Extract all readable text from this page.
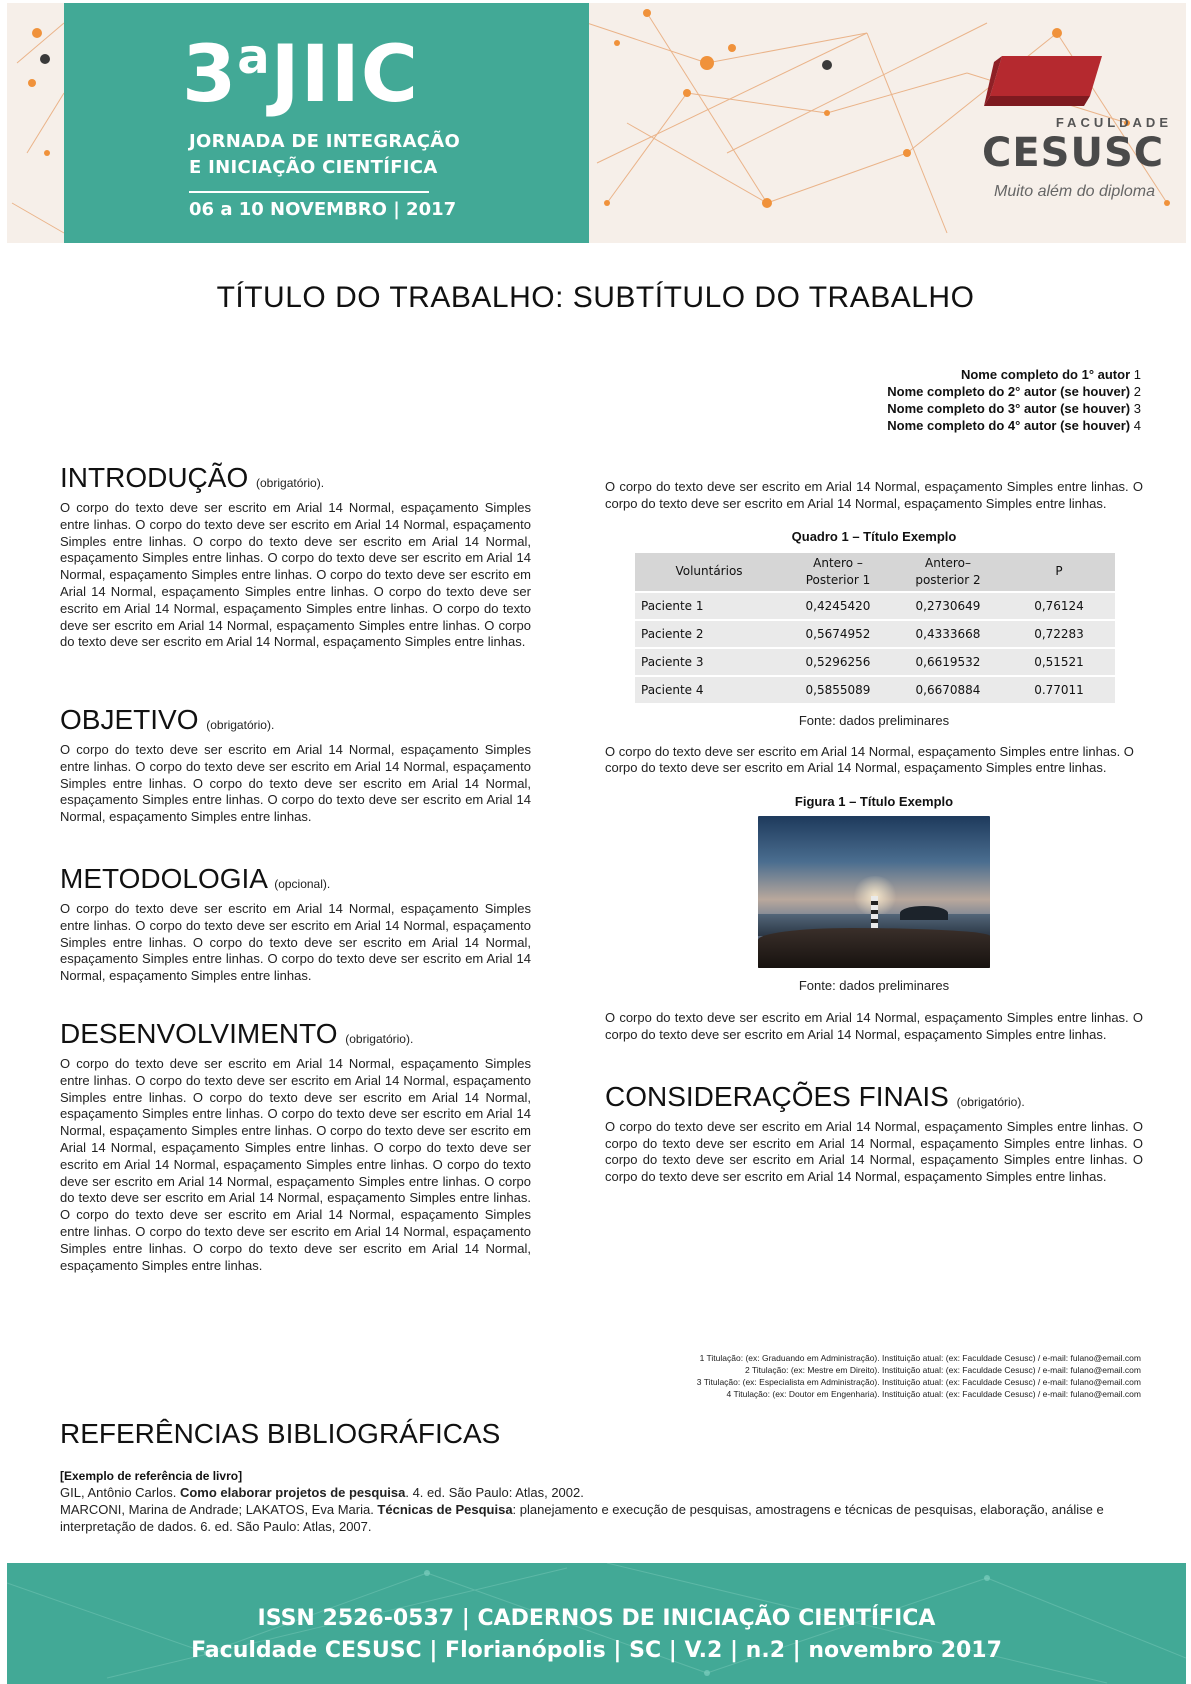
3$^a$JIIC
JORNADA DE INTEGRAÇÃO
E INICIAÇÃO CIENTÍFICA
06 a 10 NOVEMBRO | 2017
FACULDADE
CESUSC
Muito além do diploma
TÍTULO DO TRABALHO: SUBTÍTULO DO TRABALHO
Nome completo do 1° autor 1
Nome completo do 2° autor (se houver) 2
Nome completo do 3° autor (se houver) 3
Nome completo do 4° autor (se houver) 4
INTRODUÇÃO (obrigatório).
O corpo do texto deve ser escrito em Arial 14 Normal, espaçamento Simples entre linhas. O corpo do texto deve ser escrito em Arial 14 Normal, espaçamento Simples entre linhas. O corpo do texto deve ser escrito em Arial 14 Normal, espaçamento Simples entre linhas. O corpo do texto deve ser escrito em Arial 14 Normal, espaçamento Simples entre linhas. O corpo do texto deve ser escrito em Arial 14 Normal, espaçamento Simples entre linhas. O corpo do texto deve ser escrito em Arial 14 Normal, espaçamento Simples entre linhas. O corpo do texto deve ser escrito em Arial 14 Normal, espaçamento Simples entre linhas. O corpo do texto deve ser escrito em Arial 14 Normal, espaçamento Simples entre linhas.
OBJETIVO (obrigatório).
O corpo do texto deve ser escrito em Arial 14 Normal, espaçamento Simples entre linhas. O corpo do texto deve ser escrito em Arial 14 Normal, espaçamento Simples entre linhas. O corpo do texto deve ser escrito em Arial 14 Normal, espaçamento Simples entre linhas. O corpo do texto deve ser escrito em Arial 14 Normal, espaçamento Simples entre linhas.
METODOLOGIA (opcional).
O corpo do texto deve ser escrito em Arial 14 Normal, espaçamento Simples entre linhas. O corpo do texto deve ser escrito em Arial 14 Normal, espaçamento Simples entre linhas. O corpo do texto deve ser escrito em Arial 14 Normal, espaçamento Simples entre linhas. O corpo do texto deve ser escrito em Arial 14 Normal, espaçamento Simples entre linhas.
DESENVOLVIMENTO (obrigatório).
O corpo do texto deve ser escrito em Arial 14 Normal, espaçamento Simples entre linhas. O corpo do texto deve ser escrito em Arial 14 Normal, espaçamento Simples entre linhas. O corpo do texto deve ser escrito em Arial 14 Normal, espaçamento Simples entre linhas. O corpo do texto deve ser escrito em Arial 14 Normal, espaçamento Simples entre linhas. O corpo do texto deve ser escrito em Arial 14 Normal, espaçamento Simples entre linhas. O corpo do texto deve ser escrito em Arial 14 Normal, espaçamento Simples entre linhas. O corpo do texto deve ser escrito em Arial 14 Normal, espaçamento Simples entre linhas. O corpo do texto deve ser escrito em Arial 14 Normal, espaçamento Simples entre linhas. O corpo do texto deve ser escrito em Arial 14 Normal, espaçamento Simples entre linhas. O corpo do texto deve ser escrito em Arial 14 Normal, espaçamento Simples entre linhas. O corpo do texto deve ser escrito em Arial 14 Normal, espaçamento Simples entre linhas.
O corpo do texto deve ser escrito em Arial 14 Normal, espaçamento Simples entre linhas. O corpo do texto deve ser escrito em Arial 14 Normal, espaçamento Simples entre linhas.
Quadro 1 – Título Exemplo
Voluntários	Antero – Posterior 1	Antero– posterior 2	P
Paciente 1	0,4245420	0,2730649	0,76124
Paciente 2	0,5674952	0,4333668	0,72283
Paciente 3	0,5296256	0,6619532	0,51521
Paciente 4	0,5855089	0,6670884	0.77011
Fonte: dados preliminares
O corpo do texto deve ser escrito em Arial 14 Normal, espaçamento Simples entre linhas. O corpo do texto deve ser escrito em Arial 14 Normal, espaçamento Simples entre linhas.
Figura 1 – Título Exemplo
Fonte: dados preliminares
O corpo do texto deve ser escrito em Arial 14 Normal, espaçamento Simples entre linhas. O corpo do texto deve ser escrito em Arial 14 Normal, espaçamento Simples entre linhas.
CONSIDERAÇÕES FINAIS (obrigatório).
O corpo do texto deve ser escrito em Arial 14 Normal, espaçamento Simples entre linhas. O corpo do texto deve ser escrito em Arial 14 Normal, espaçamento Simples entre linhas. O corpo do texto deve ser escrito em Arial 14 Normal, espaçamento Simples entre linhas. O corpo do texto deve ser escrito em Arial 14 Normal, espaçamento Simples entre linhas.
1 Titulação: (ex: Graduando em Administração). Instituição atual: (ex: Faculdade Cesusc) / e-mail: fulano@email.com
2 Titulação: (ex: Mestre em Direito). Instituição atual: (ex: Faculdade Cesusc) / e-mail: fulano@email.com
3 Titulação: (ex: Especialista em Administração). Instituição atual: (ex: Faculdade Cesusc) / e-mail: fulano@email.com
4 Titulação: (ex: Doutor em Engenharia). Instituição atual: (ex: Faculdade Cesusc) / e-mail: fulano@email.com
REFERÊNCIAS BIBLIOGRÁFICAS
[Exemplo de referência de livro]

GIL, Antônio Carlos. Como elaborar projetos de pesquisa. 4. ed. São Paulo: Atlas, 2002.

MARCONI, Marina de Andrade; LAKATOS, Eva Maria. Técnicas de Pesquisa: planejamento e execução de pesquisas, amostragens e técnicas de pesquisas, elaboração, análise e interpretação de dados. 6. ed. São Paulo: Atlas, 2007.

ISSN 2526-0537 | CADERNOS DE INICIAÇÃO CIENTÍFICA
Faculdade CESUSC | Florianópolis | SC | V.2 | n.2 | novembro 2017
